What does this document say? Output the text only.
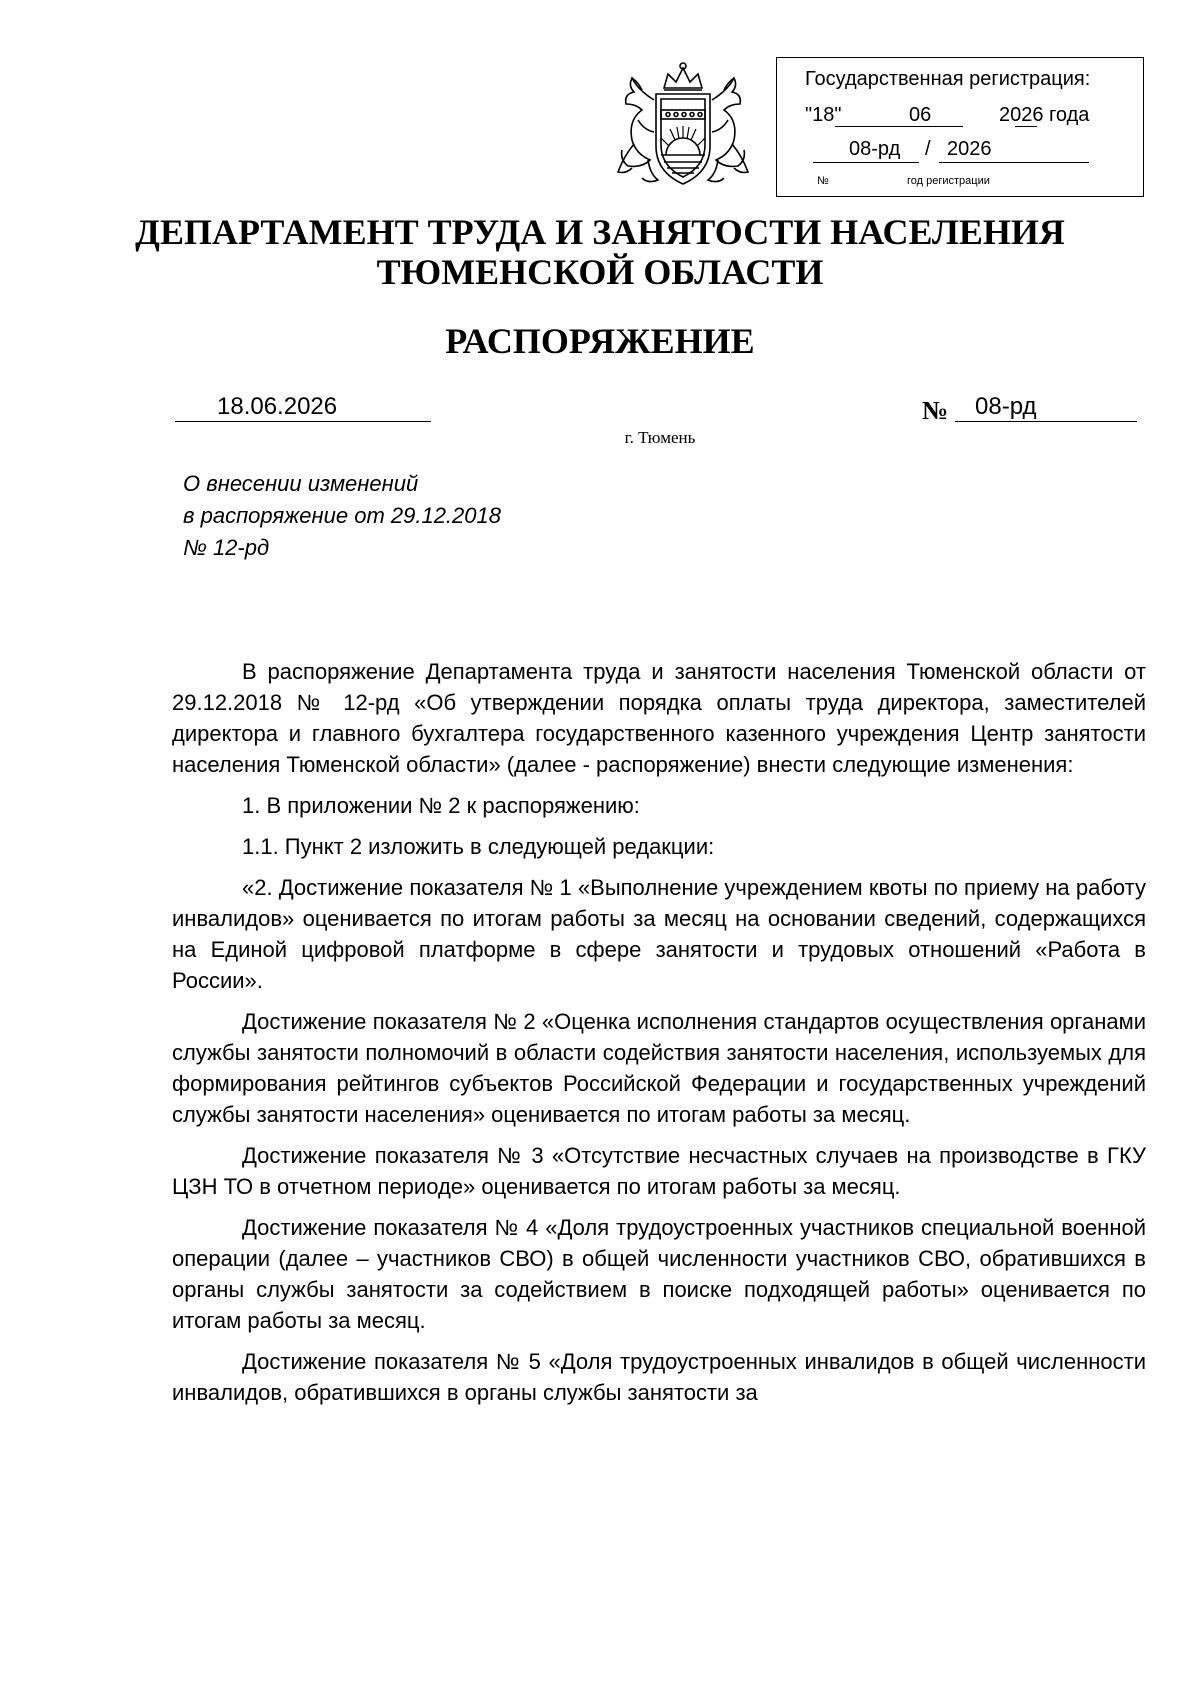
Государственная регистрация:
"18"	06	2026 года
08-рд / 2026
№	год регистрации
ДЕПАРТАМЕНТ ТРУДА И ЗАНЯТОСТИ НАСЕЛЕНИЯ
ТЮМЕНСКОЙ ОБЛАСТИ
РАСПОРЯЖЕНИЕ
18.06.2026	№ 08-рд
г. Тюмень
О внесении изменений
в распоряжение от 29.12.2018
№ 12-рд

В распоряжение Департамента труда и занятости населения Тюменской области от 29.12.2018 № 12-рд «Об утверждении порядка оплаты труда директора, заместителей директора и главного бухгалтера государственного казенного учреждения Центр занятости населения Тюменской области» (далее - распоряжение) внести следующие изменения:

1. В приложении № 2 к распоряжению:

1.1. Пункт 2 изложить в следующей редакции:

«2. Достижение показателя № 1 «Выполнение учреждением квоты по приему на работу инвалидов» оценивается по итогам работы за месяц на основании сведений, содержащихся на Единой цифровой платформе в сфере занятости и трудовых отношений «Работа в России».

Достижение показателя № 2 «Оценка исполнения стандартов осуществления органами службы занятости полномочий в области содействия занятости населения, используемых для формирования рейтингов субъектов Российской Федерации и государственных учреждений службы занятости населения» оценивается по итогам работы за месяц.

Достижение показателя № 3 «Отсутствие несчастных случаев на производстве в ГКУ ЦЗН ТО в отчетном периоде» оценивается по итогам работы за месяц.

Достижение показателя № 4 «Доля трудоустроенных участников специальной военной операции (далее – участников СВО) в общей численности участников СВО, обратившихся в органы службы занятости за содействием в поиске подходящей работы» оценивается по итогам работы за месяц.

Достижение показателя № 5 «Доля трудоустроенных инвалидов в общей численности инвалидов, обратившихся в органы службы занятости за
